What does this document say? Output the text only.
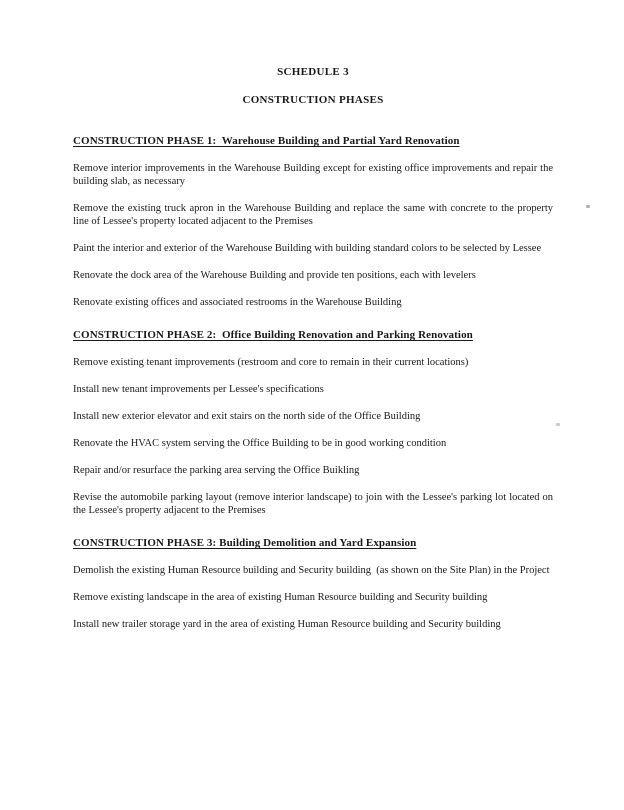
SCHEDULE 3
CONSTRUCTION PHASES
CONSTRUCTION PHASE 1:  Warehouse Building and Partial Yard Renovation

Remove interior improvements in the Warehouse Building except for existing office improvements and repair the building slab, as necessary

Remove the existing truck apron in the Warehouse Building and replace the same with concrete to the property line of Lessee's property located adjacent to the Premises

Paint the interior and exterior of the Warehouse Building with building standard colors to be selected by Lessee

Renovate the dock area of the Warehouse Building and provide ten positions, each with levelers

Renovate existing offices and associated restrooms in the Warehouse Building

CONSTRUCTION PHASE 2:  Office Building Renovation and Parking Renovation

Remove existing tenant improvements (restroom and core to remain in their current locations)

Install new tenant improvements per Lessee's specifications

Install new exterior elevator and exit stairs on the north side of the Office Building

Renovate the HVAC system serving the Office Building to be in good working condition

Repair and/or resurface the parking area serving the Office Buikling

Revise the automobile parking layout (remove interior landscape) to join with the Lessee's parking lot located on the Lessee's property adjacent to the Premises

CONSTRUCTION PHASE 3: Building Demolition and Yard Expansion

Demolish the existing Human Resource building and Security building  (as shown on the Site Plan) in the Project

Remove existing landscape in the area of existing Human Resource building and Security building

Install new trailer storage yard in the area of existing Human Resource building and Security building
